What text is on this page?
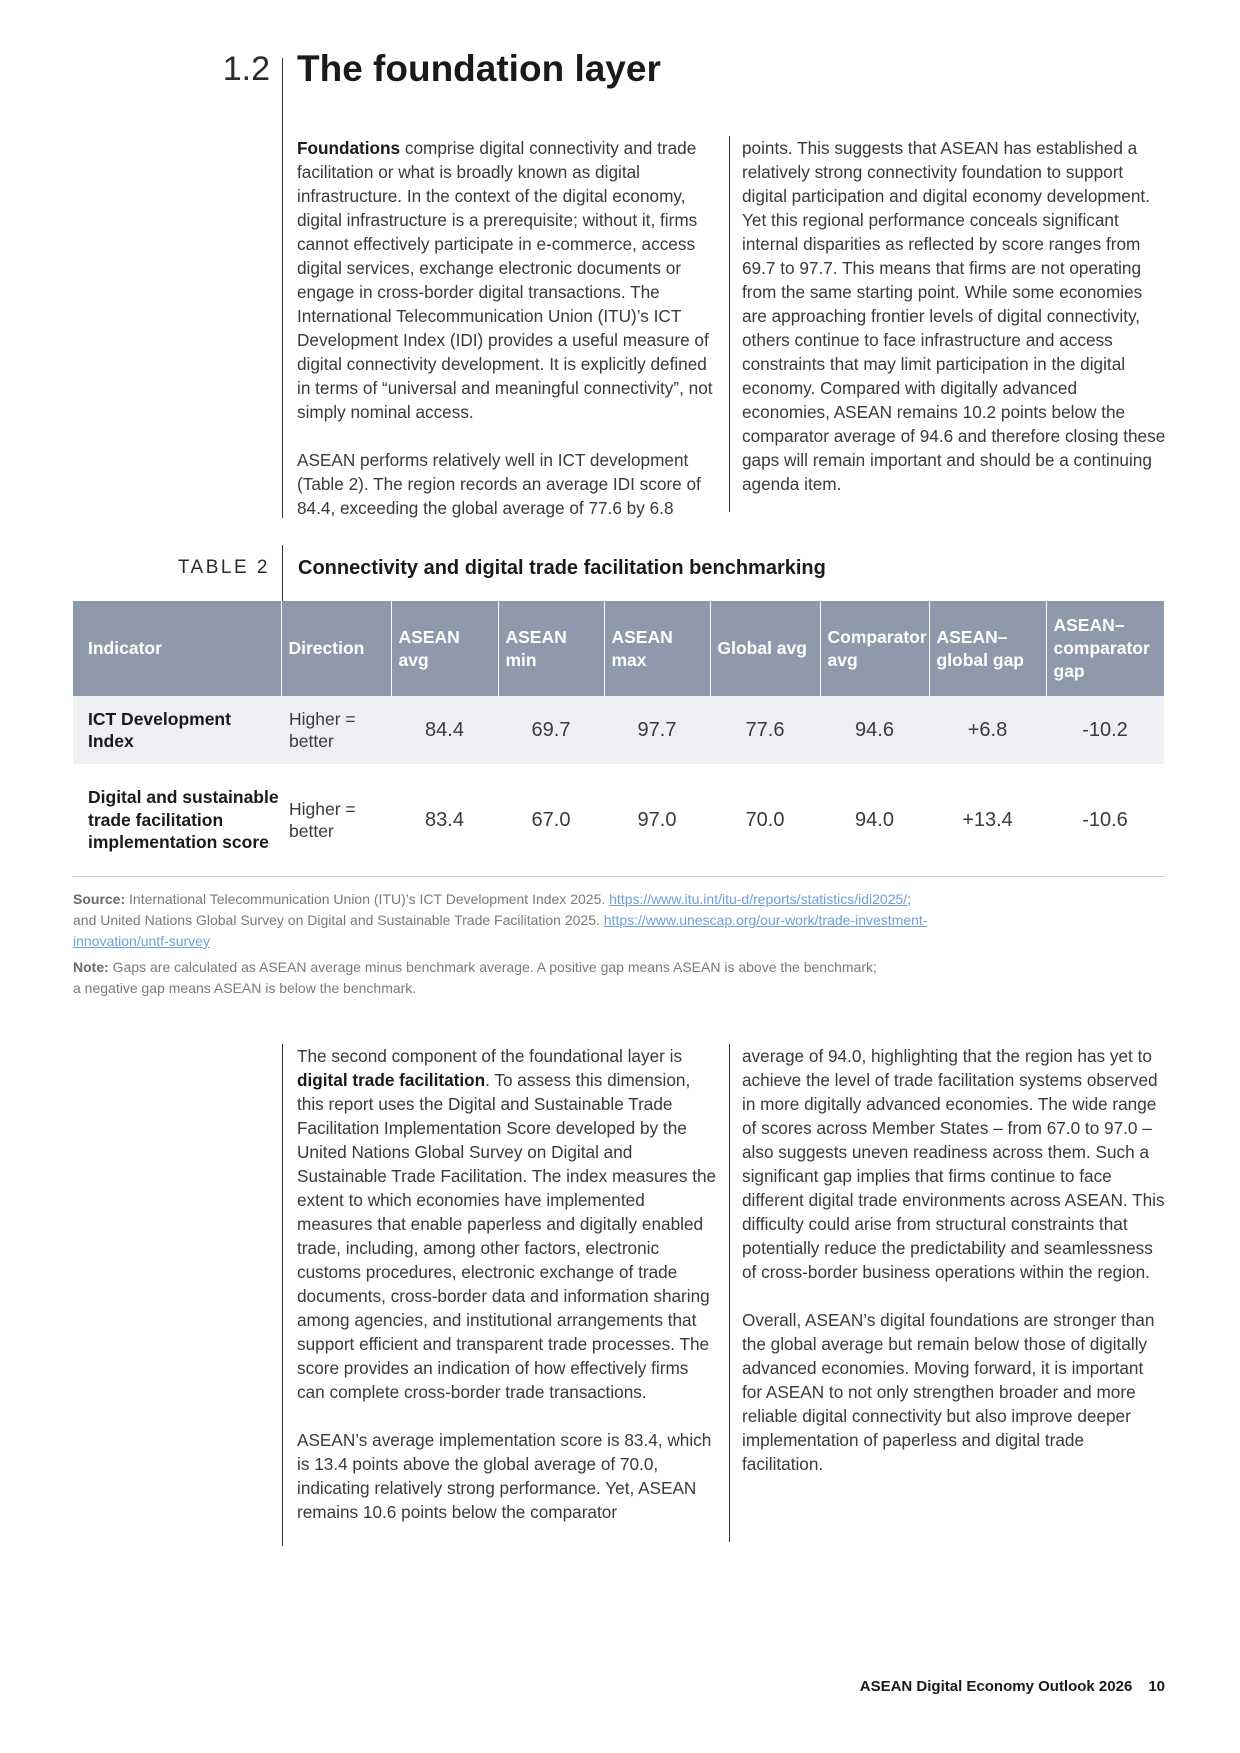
1.2 The foundation layer

Foundations comprise digital connectivity and trade facilitation or what is broadly known as digital infrastructure. In the context of the digital economy, digital infrastructure is a prerequisite; without it, firms cannot effectively participate in e-commerce, access digital services, exchange electronic documents or engage in cross-border digital transactions. The International Telecommunication Union (ITU)’s ICT Development Index (IDI) provides a useful measure of digital connectivity development. It is explicitly defined in terms of “universal and meaningful connectivity”, not simply nominal access.

ASEAN performs relatively well in ICT development (Table 2). The region records an average IDI score of 84.4, exceeding the global average of 77.6 by 6.8

points. This suggests that ASEAN has established a relatively strong connectivity foundation to support digital participation and digital economy development. Yet this regional performance conceals significant internal disparities as reflected by score ranges from 69.7 to 97.7. This means that firms are not operating from the same starting point. While some economies are approaching frontier levels of digital connectivity, others continue to face infrastructure and access constraints that may limit participation in the digital economy. Compared with digitally advanced economies, ASEAN remains 10.2 points below the comparator average of 94.6 and therefore closing these gaps will remain important and should be a continuing agenda item.

TABLE 2 Connectivity and digital trade facilitation benchmarking
Indicator	Direction	ASEAN avg	ASEAN min	ASEAN max	Global avg	Comparator avg	ASEAN–global gap	ASEAN–comparator gap
ICT Development Index	Higher = better	84.4	69.7	97.7	77.6	94.6	+6.8	-10.2
Digital and sustainable trade facilitation implementation score	Higher = better	83.4	67.0	97.0	70.0	94.0	+13.4	-10.6
Source: International Telecommunication Union (ITU)’s ICT Development Index 2025. https://www.itu.int/itu-d/reports/statistics/idi2025/;
and United Nations Global Survey on Digital and Sustainable Trade Facilitation 2025. https://www.unescap.org/our-work/trade-investment-
innovation/untf-survey
Note: Gaps are calculated as ASEAN average minus benchmark average. A positive gap means ASEAN is above the benchmark;
a negative gap means ASEAN is below the benchmark.

The second component of the foundational layer is digital trade facilitation. To assess this dimension, this report uses the Digital and Sustainable Trade Facilitation Implementation Score developed by the United Nations Global Survey on Digital and Sustainable Trade Facilitation. The index measures the extent to which economies have implemented measures that enable paperless and digitally enabled trade, including, among other factors, electronic customs procedures, electronic exchange of trade documents, cross-border data and information sharing among agencies, and institutional arrangements that support efficient and transparent trade processes. The score provides an indication of how effectively firms can complete cross-border trade transactions.

ASEAN’s average implementation score is 83.4, which is 13.4 points above the global average of 70.0, indicating relatively strong performance. Yet, ASEAN remains 10.6 points below the comparator

average of 94.0, highlighting that the region has yet to achieve the level of trade facilitation systems observed in more digitally advanced economies. The wide range of scores across Member States – from 67.0 to 97.0 – also suggests uneven readiness across them. Such a significant gap implies that firms continue to face different digital trade environments across ASEAN. This difficulty could arise from structural constraints that potentially reduce the predictability and seamlessness of cross-border business operations within the region.

Overall, ASEAN’s digital foundations are stronger than the global average but remain below those of digitally advanced economies. Moving forward, it is important for ASEAN to not only strengthen broader and more reliable digital connectivity but also improve deeper implementation of paperless and digital trade facilitation.

ASEAN Digital Economy Outlook 2026 10
